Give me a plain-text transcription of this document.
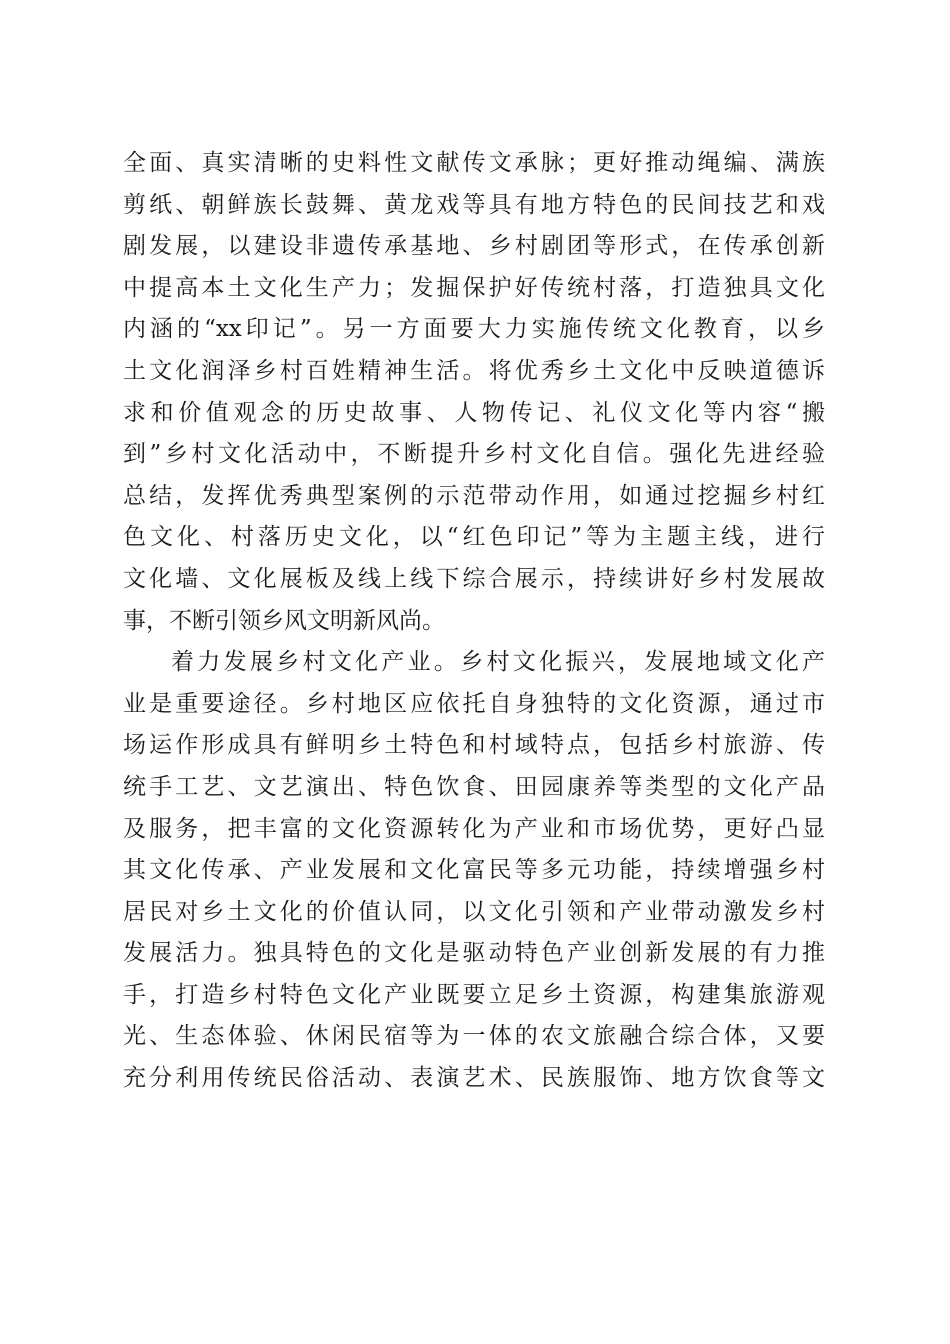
全面、真实清晰的史料性文献传文承脉；更好推动绳编、满族
剪纸、朝鲜族长鼓舞、黄龙戏等具有地方特色的民间技艺和戏
剧发展，以建设非遗传承基地、乡村剧团等形式，在传承创新
中提高本土文化生产力；发掘保护好传统村落，打造独具文化
内涵的“xx印记”。另一方面要大力实施传统文化教育，以乡
土文化润泽乡村百姓精神生活。将优秀乡土文化中反映道德诉
求和价值观念的历史故事、人物传记、礼仪文化等内容“搬
到”乡村文化活动中，不断提升乡村文化自信。强化先进经验
总结，发挥优秀典型案例的示范带动作用，如通过挖掘乡村红
色文化、村落历史文化，以“红色印记”等为主题主线，进行
文化墙、文化展板及线上线下综合展示，持续讲好乡村发展故
事，不断引领乡风文明新风尚。
着力发展乡村文化产业。乡村文化振兴，发展地域文化产
业是重要途径。乡村地区应依托自身独特的文化资源，通过市
场运作形成具有鲜明乡土特色和村域特点，包括乡村旅游、传
统手工艺、文艺演出、特色饮食、田园康养等类型的文化产品
及服务，把丰富的文化资源转化为产业和市场优势，更好凸显
其文化传承、产业发展和文化富民等多元功能，持续增强乡村
居民对乡土文化的价值认同，以文化引领和产业带动激发乡村
发展活力。独具特色的文化是驱动特色产业创新发展的有力推
手，打造乡村特色文化产业既要立足乡土资源，构建集旅游观
光、生态体验、休闲民宿等为一体的农文旅融合综合体，又要
充分利用传统民俗活动、表演艺术、民族服饰、地方饮食等文
